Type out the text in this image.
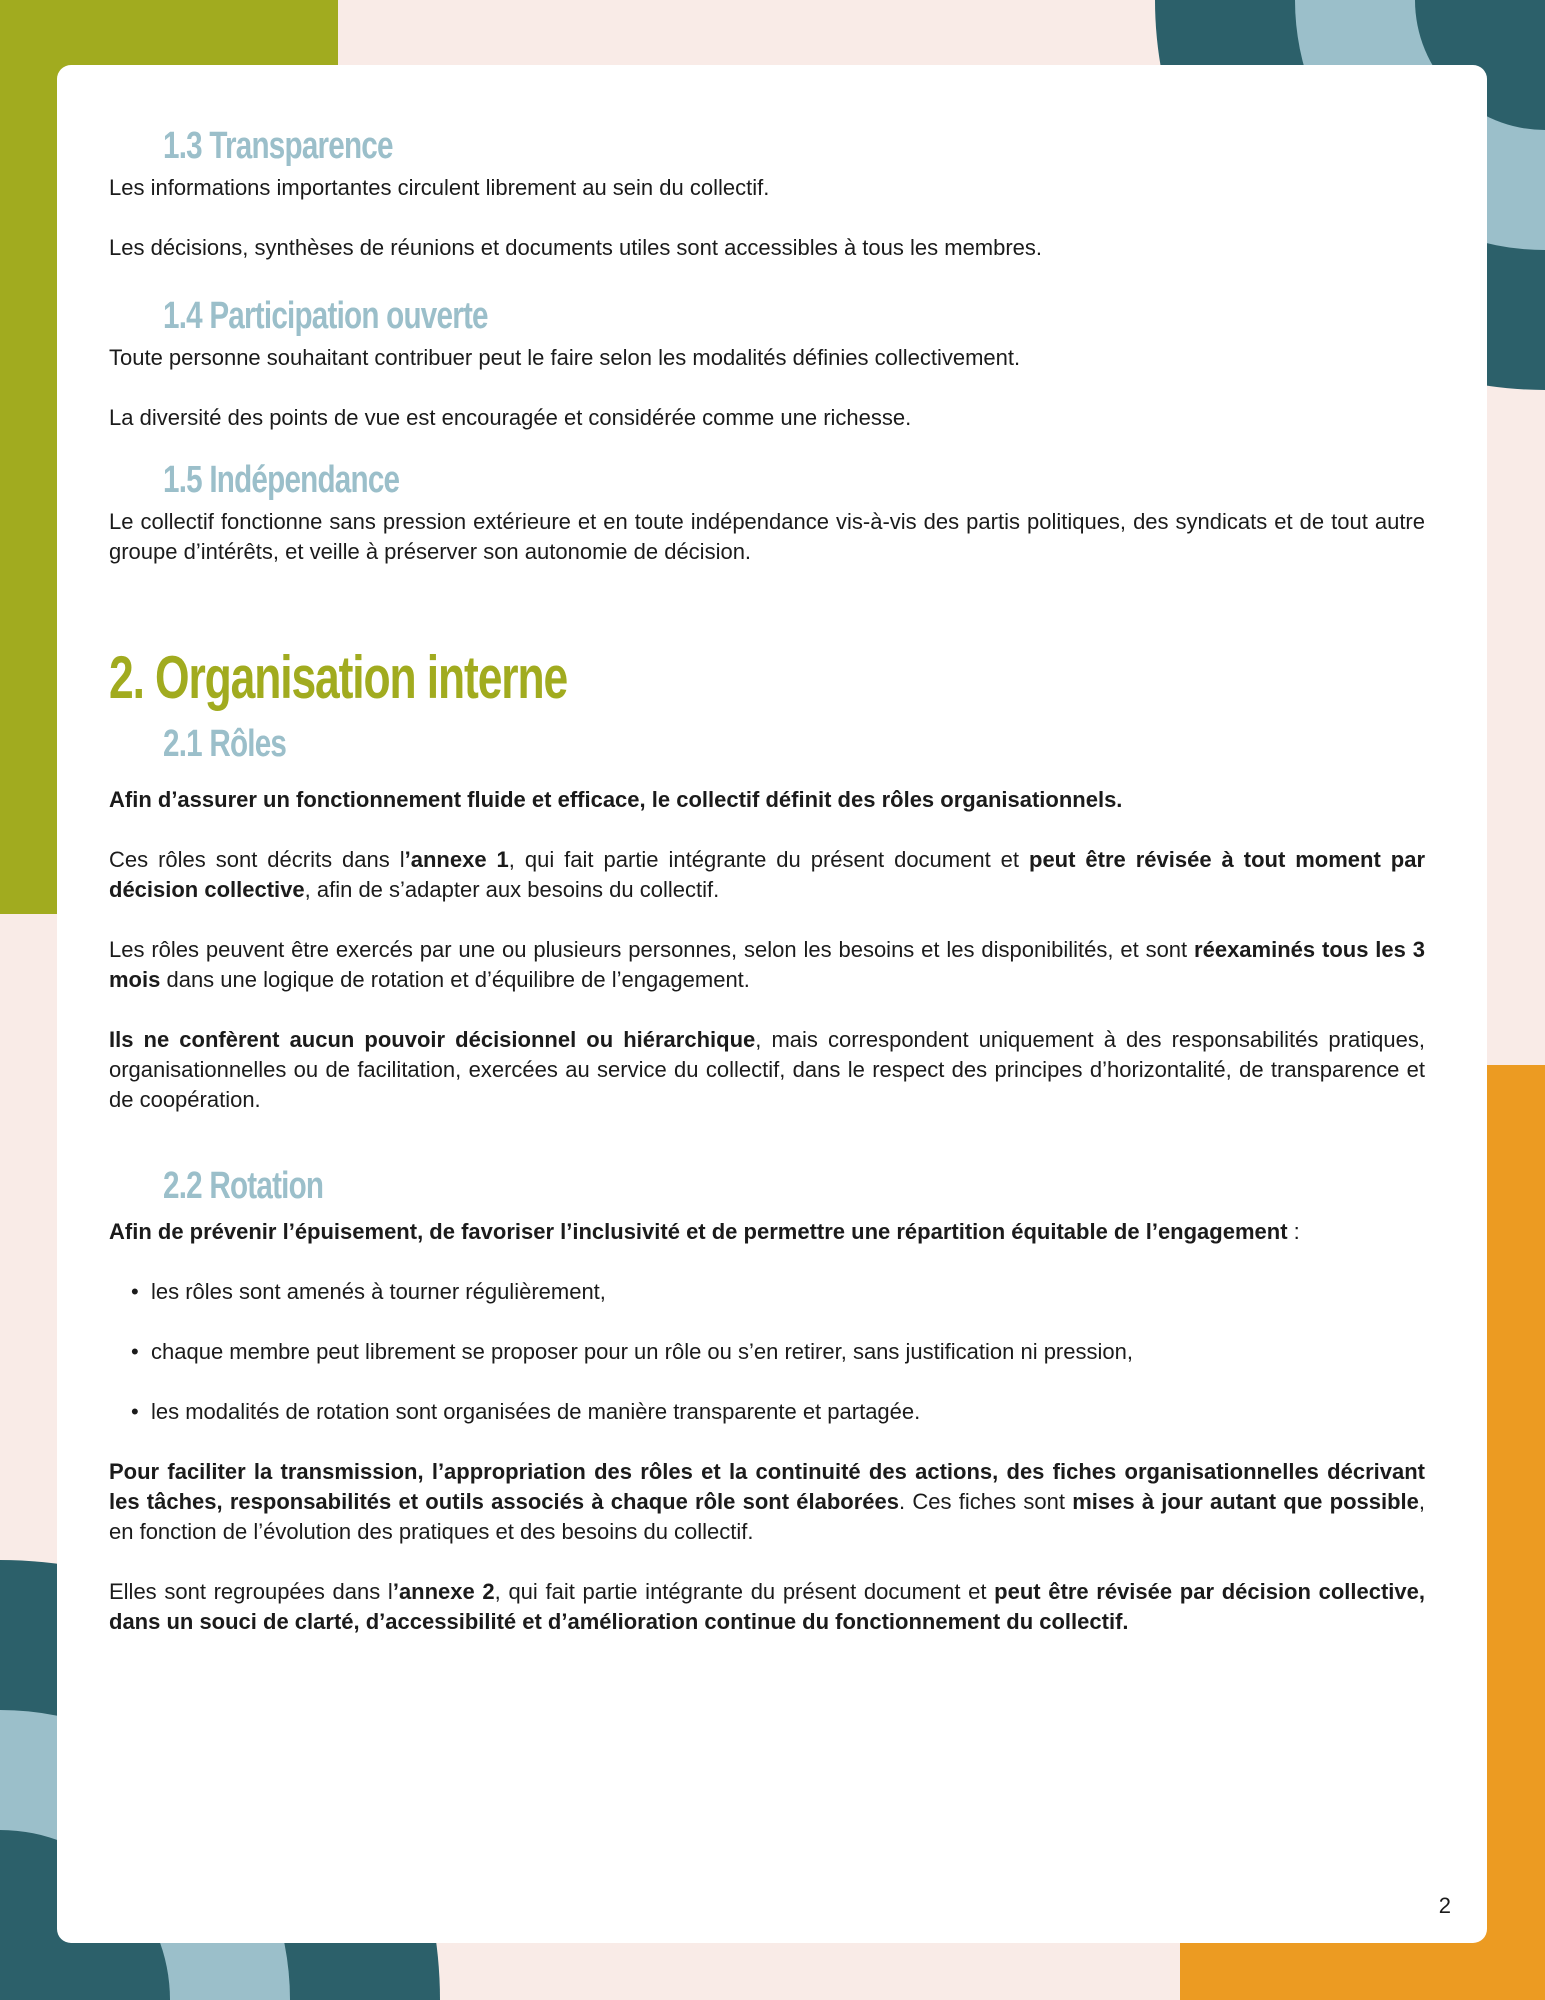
1.3 Transparence

Les informations importantes circulent librement au sein du collectif.

Les décisions, synthèses de réunions et documents utiles sont accessibles à tous les membres.

1.4 Participation ouverte

Toute personne souhaitant contribuer peut le faire selon les modalités définies collectivement.

La diversité des points de vue est encouragée et considérée comme une richesse.

1.5 Indépendance

Le collectif fonctionne sans pression extérieure et en toute indépendance vis-à-vis des partis politiques, des syndicats et de tout autre groupe d’intérêts, et veille à préserver son autonomie de décision.

2. Organisation interne
2.1 Rôles

Afin d’assurer un fonctionnement fluide et efficace, le collectif définit des rôles organisationnels.

Ces rôles sont décrits dans l’annexe 1, qui fait partie intégrante du présent document et peut être révisée à tout moment par décision collective, afin de s’adapter aux besoins du collectif.

Les rôles peuvent être exercés par une ou plusieurs personnes, selon les besoins et les disponibilités, et sont réexaminés tous les 3 mois dans une logique de rotation et d’équilibre de l’engagement.

Ils ne confèrent aucun pouvoir décisionnel ou hiérarchique, mais correspondent uniquement à des responsabilités pratiques, organisationnelles ou de facilitation, exercées au service du collectif, dans le respect des principes d’horizontalité, de transparence et de coopération.

2.2 Rotation

Afin de prévenir l’épuisement, de favoriser l’inclusivité et de permettre une répartition équitable de l’engagement :

• les rôles sont amenés à tourner régulièrement,
• chaque membre peut librement se proposer pour un rôle ou s’en retirer, sans justification ni pression,
• les modalités de rotation sont organisées de manière transparente et partagée.

Pour faciliter la transmission, l’appropriation des rôles et la continuité des actions, des fiches organisationnelles décrivant les tâches, responsabilités et outils associés à chaque rôle sont élaborées. Ces fiches sont mises à jour autant que possible, en fonction de l’évolution des pratiques et des besoins du collectif.

Elles sont regroupées dans l’annexe 2, qui fait partie intégrante du présent document et peut être révisée par décision collective, dans un souci de clarté, d’accessibilité et d’amélioration continue du fonctionnement du collectif.

2
